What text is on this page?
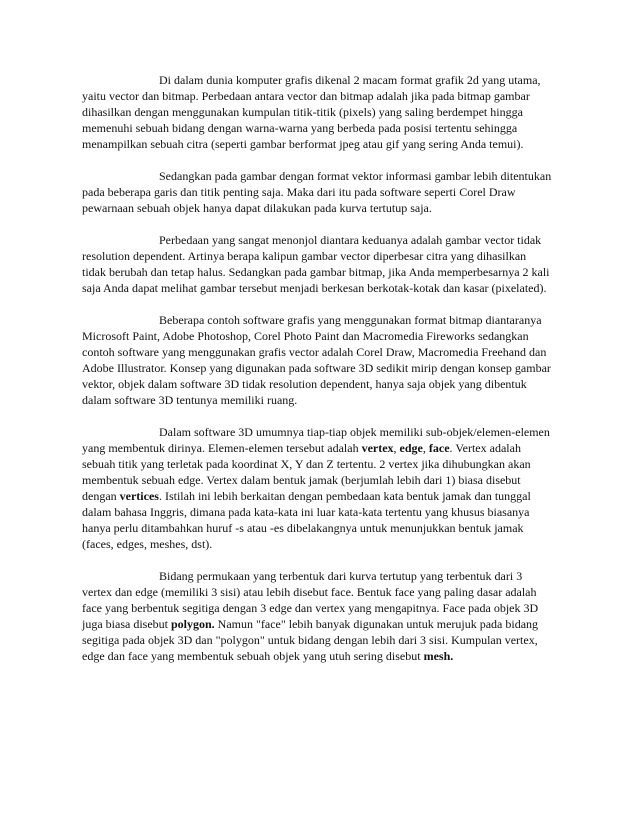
Di dalam dunia komputer grafis dikenal 2 macam format grafik 2d yang utama, yaitu vector dan bitmap. Perbedaan antara vector dan bitmap adalah jika pada bitmap gambar dihasilkan dengan menggunakan kumpulan titik-titik (pixels) yang saling berdempet hingga memenuhi sebuah bidang dengan warna-warna yang berbeda pada posisi tertentu sehingga menampilkan sebuah citra (seperti gambar berformat jpeg atau gif yang sering Anda temui).

Sedangkan pada gambar dengan format vektor informasi gambar lebih ditentukan pada beberapa garis dan titik penting saja. Maka dari itu pada software seperti Corel Draw pewarnaan sebuah objek hanya dapat dilakukan pada kurva tertutup saja.

Perbedaan yang sangat menonjol diantara keduanya adalah gambar vector tidak resolution dependent. Artinya berapa kalipun gambar vector diperbesar citra yang dihasilkan tidak berubah dan tetap halus. Sedangkan pada gambar bitmap, jika Anda memperbesarnya 2 kali saja Anda dapat melihat gambar tersebut menjadi berkesan berkotak-kotak dan kasar (pixelated).

Beberapa contoh software grafis yang menggunakan format bitmap diantaranya Microsoft Paint, Adobe Photoshop, Corel Photo Paint dan Macromedia Fireworks sedangkan contoh software yang menggunakan grafis vector adalah Corel Draw, Macromedia Freehand dan Adobe Illustrator. Konsep yang digunakan pada software 3D sedikit mirip dengan konsep gambar vektor, objek dalam software 3D tidak resolution dependent, hanya saja objek yang dibentuk dalam software 3D tentunya memiliki ruang.

Dalam software 3D umumnya tiap-tiap objek memiliki sub-objek/elemen-elemen yang membentuk dirinya. Elemen-elemen tersebut adalah vertex, edge, face. Vertex adalah sebuah titik yang terletak pada koordinat X, Y dan Z tertentu. 2 vertex jika dihubungkan akan membentuk sebuah edge. Vertex dalam bentuk jamak (berjumlah lebih dari 1) biasa disebut dengan vertices. Istilah ini lebih berkaitan dengan pembedaan kata bentuk jamak dan tunggal dalam bahasa Inggris, dimana pada kata-kata ini luar kata-kata tertentu yang khusus biasanya hanya perlu ditambahkan huruf -s atau -es dibelakangnya untuk menunjukkan bentuk jamak (faces, edges, meshes, dst).

Bidang permukaan yang terbentuk dari kurva tertutup yang terbentuk dari 3 vertex dan edge (memiliki 3 sisi) atau lebih disebut face. Bentuk face yang paling dasar adalah face yang berbentuk segitiga dengan 3 edge dan vertex yang mengapitnya. Face pada objek 3D juga biasa disebut polygon. Namun "face" lebih banyak digunakan untuk merujuk pada bidang segitiga pada objek 3D dan "polygon" untuk bidang dengan lebih dari 3 sisi. Kumpulan vertex, edge dan face yang membentuk sebuah objek yang utuh sering disebut mesh.
